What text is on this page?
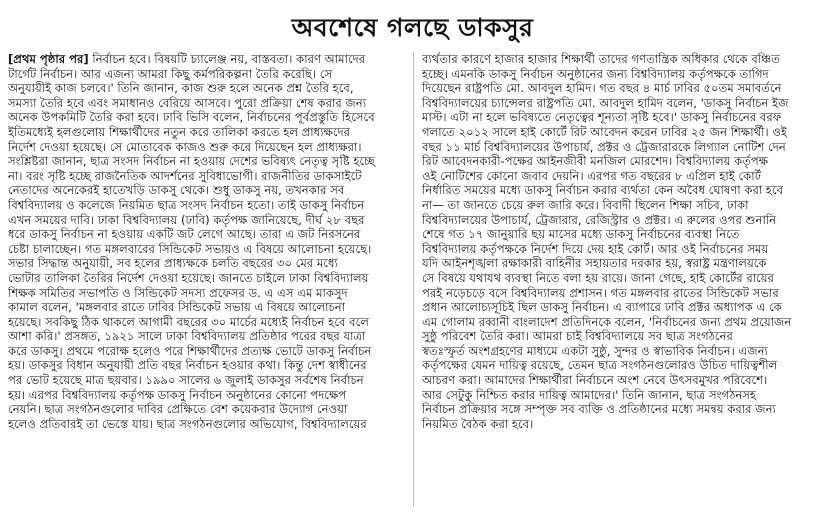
অবশেষে গলছে ডাকসুর
[প্রথম পৃষ্ঠার পর] নির্বাচন হবে। বিষয়টি চ্যালেঞ্জ নয়, বাস্তবতা। কারণ আমাদের
টার্গেট নির্বাচন। আর এজন্য আমরা কিছু কর্মপরিকল্পনা তৈরি করেছি। সে
অনুযায়ীই কাজ চলবে।' তিনি জানান, কাজ শুরু হলে অনেক প্রশ্ন তৈরি হবে,
সমস্যা তৈরি হবে এবং সমাধানও বেরিয়ে আসবে। পুরো প্রক্রিয়া শেষ করার জন্য
অনেক উপকমিটি তৈরি করা হবে। ঢাবি ভিসি বলেন, নির্বাচনের পূর্বপ্রস্তুতি হিসেবে
ইতিমধ্যেই হলগুলোয় শিক্ষার্থীদের নতুন করে তালিকা করতে হল প্রাধ্যক্ষদের
নির্দেশ দেওয়া হয়েছে। সে মোতাবেক কাজও শুরু করে দিয়েছেন হল প্রাধ্যক্ষরা।
সংশ্লিষ্টরা জানান, ছাত্র সংসদ নির্বাচন না হওয়ায় দেশের ভবিষ্যৎ নেতৃত্ব সৃষ্টি হচ্ছে
না। বরং সৃষ্টি হচ্ছে রাজনৈতিক আদর্শনের সুবিধাভোগী। রাজনীতির ডাকসাইটে
নেতাদের অনেকেরই হাতেখড়ি ডাকসু থেকে। শুধু ডাকসু নয়, তখনকার সব
বিশ্ববিদ্যালয় ও কলেজে নিয়মিত ছাত্র সংসদ নির্বাচন হতো। তাই ডাকসু নির্বাচন
এখন সময়ের দাবি। ঢাকা বিশ্ববিদ্যালয় (ঢাবি) কর্তৃপক্ষ জানিয়েছে, দীর্ঘ ২৮ বছর
ধরে ডাকসু নির্বাচন না হওয়ায় একটি জট লেগে আছে। তারা এ জট নিরসনের
চেষ্টা চালাচ্ছেন। গত মঙ্গলবারের সিন্ডিকেট সভায়ও এ বিষয়ে আলোচনা হয়েছে।
সভার সিদ্ধান্ত অনুযায়ী, সব হলের প্রাধ্যক্ষকে চলতি বছরের ৩০ মের মধ্যে
ভোটার তালিকা তৈরির নির্দেশ দেওয়া হয়েছে। জানতে চাইলে ঢাকা বিশ্ববিদ্যালয়
শিক্ষক সমিতির সভাপতি ও সিন্ডিকেট সদস্য প্রফেসর ড. এ এস এম মাকসুদ
কামাল বলেন, 'মঙ্গলবার রাতে ঢাবির সিন্ডিকেট সভায় এ বিষয়ে আলোচনা
হয়েছে। সবকিছু ঠিক থাকলে আগামী বছরের ৩০ মার্চের মধ্যেই নির্বাচন হবে বলে
আশা করি।' প্রসঙ্গত, ১৯২১ সালে ঢাকা বিশ্ববিদ্যালয় প্রতিষ্ঠার পরের বছর যাত্রা
করে ডাকসু। প্রথমে পরোক্ষ হলেও পরে শিক্ষার্থীদের প্রত্যক্ষ ভোটে ডাকসু নির্বাচন
হয়। ডাকসুর বিধান অনুযায়ী প্রতি বছর নির্বাচন হওয়ার কথা। কিন্তু দেশ স্বাধীনের
পর ভোট হয়েছে মাত্র ছয়বার। ১৯৯০ সালের ৬ জুলাই ডাকসুর সর্বশেষ নির্বাচন
হয়। এরপর বিশ্ববিদ্যালয় কর্তৃপক্ষ ডাকসু নির্বাচন অনুষ্ঠানের কোনো পদক্ষেপ
নেয়নি। ছাত্র সংগঠনগুলোর দাবির প্রেক্ষিতে বেশ কয়েকবার উদ্যোগ নেওয়া
হলেও প্রতিবারই তা ভেস্তে যায়। ছাত্র সংগঠনগুলোর অভিযোগ, বিশ্ববিদ্যালয়ের
ব্যর্থতার কারণে হাজার হাজার শিক্ষার্থী তাদের গণতান্ত্রিক অধিকার থেকে বঞ্চিত
হচ্ছে। এমনকি ডাকসু নির্বাচন অনুষ্ঠানের জন্য বিশ্ববিদ্যালয় কর্তৃপক্ষকে তাগিদ
দিয়েছেন রাষ্ট্রপতি মো. আবদুল হামিদ। গত বছর ৪ মার্চ ঢাবির ৫০তম সমাবর্তনে
বিশ্ববিদ্যালয়ের চ্যান্সেলর রাষ্ট্রপতি মো. আবদুল হামিদ বলেন, 'ডাকসু নির্বাচন ইজ
মাস্ট। এটা না হলে ভবিষ্যতে নেতৃত্বের শূন্যতা সৃষ্টি হবে।' ডাকসু নির্বাচনের বরফ
গলাতে ২০১২ সালে হাই কোর্টে রিট আবেদন করেন ঢাবির ২৫ জন শিক্ষার্থী। ওই
বছর ১১ মার্চ বিশ্ববিদ্যালয়ের উপাচার্য, প্রক্টর ও ট্রেজারারকে লিগ্যাল নোটিশ দেন
রিট আবেদনকারী-পক্ষের আইনজীবী মনজিল মোরশেদ। বিশ্ববিদ্যালয় কর্তৃপক্ষ
ওই নোটিশের কোনো জবাব দেয়নি। এরপর গত বছরের ৮ এপ্রিল হাই কোর্ট
নির্ধারিত সময়ের মধ্যে ডাকসু নির্বাচন করার ব্যর্থতা কেন অবৈধ ঘোষণা করা হবে
না— তা জানতে চেয়ে রুল জারি করে। বিবাদী ছিলেন শিক্ষা সচিব, ঢাকা
বিশ্ববিদ্যালয়ের উপাচার্য, ট্রেজারার, রেজিস্ট্রার ও প্রক্টর। এ রুলের ওপর শুনানি
শেষে গত ১৭ জানুয়ারি ছয় মাসের মধ্যে ডাকসু নির্বাচনের ব্যবস্থা নিতে
বিশ্ববিদ্যালয় কর্তৃপক্ষকে নির্দেশ দিয়ে দেয় হাই কোর্ট। আর ওই নির্বাচনের সময়
যদি আইনশৃঙ্খলা রক্ষাকারী বাহিনীর সহায়তার দরকার হয়, স্বরাষ্ট্র মন্ত্রণালয়কে
সে বিষয়ে যথাযথ ব্যবস্থা নিতে বলা হয় রায়ে। জানা গেছে, হাই কোর্টের রায়ের
পরই নড়েচড়ে বসে বিশ্ববিদ্যালয় প্রশাসন। গত মঙ্গলবার রাতের সিন্ডিকেট সভার
প্রধান আলোচ্যসূচিই ছিল ডাকসু নির্বাচন। এ ব্যাপারে ঢাবি প্রক্টর অধ্যাপক এ কে
এম গোলাম রব্বানী বাংলাদেশ প্রতিদিনকে বলেন, 'নির্বাচনের জন্য প্রথম প্রয়োজন
সুষ্ঠু পরিবেশ তৈরি করা। আমরা চাই বিশ্ববিদ্যালয়ে সব ছাত্র সংগঠনের
স্বতঃস্ফূর্ত অংশগ্রহণের মাধ্যমে একটা সুষ্ঠু, সুন্দর ও স্বাভাবিক নির্বাচন। এজন্য
কর্তৃপক্ষের যেমন দায়িত্ব রয়েছে, তেমন ছাত্র সংগঠনগুলোরও উচিত দায়িত্বশীল
আচরণ করা। আমাদের শিক্ষার্থীরা নির্বাচনে অংশ নেবে উৎসবমুখর পরিবেশে।
আর সেটুকু নিশ্চিত করার দায়িত্ব আমাদের।' তিনি জানান, ছাত্র সংগঠনসহ
নির্বাচন প্রক্রিয়ার সঙ্গে সম্পৃক্ত সব ব্যক্তি ও প্রতিষ্ঠানের মধ্যে সমন্বয় করার জন্য
নিয়মিত বৈঠক করা হবে।
